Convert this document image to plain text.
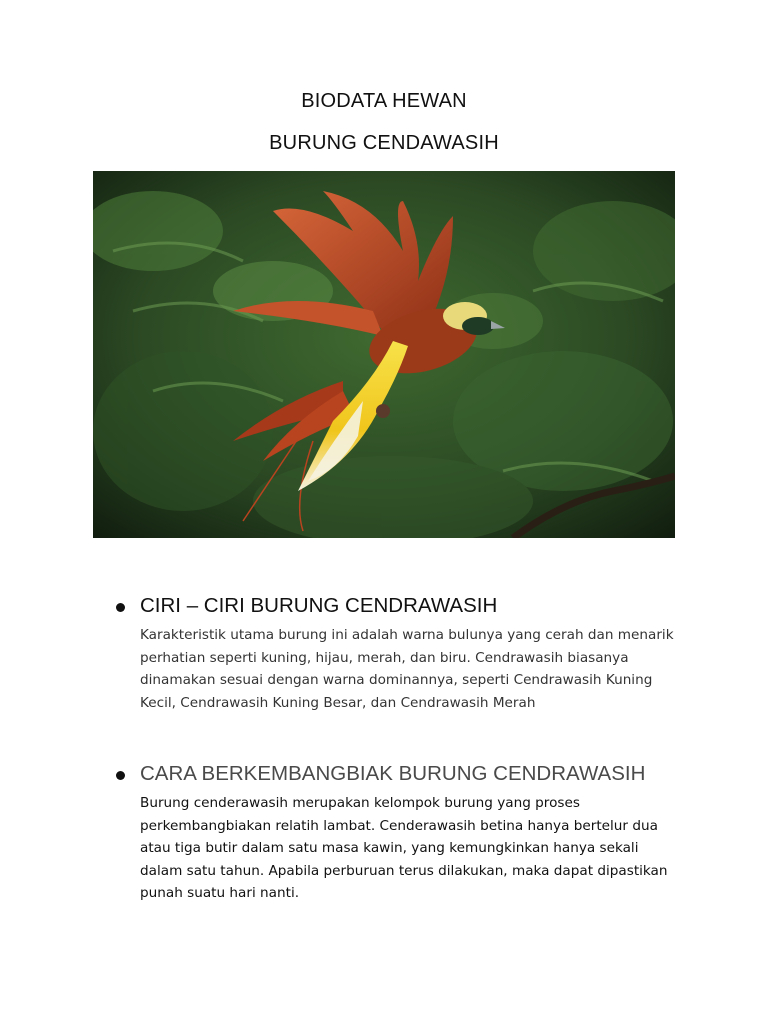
BIODATA HEWAN
BURUNG CENDAWASIH
CIRI – CIRI BURUNG CENDRAWASIH

Karakteristik utama burung ini adalah warna bulunya yang cerah dan menarik perhatian seperti kuning, hijau, merah, dan biru. Cendrawasih biasanya dinamakan sesuai dengan warna dominannya, seperti Cendrawasih Kuning Kecil, Cendrawasih Kuning Besar, dan Cendrawasih Merah

CARA BERKEMBANGBIAK BURUNG CENDRAWASIH

Burung cenderawasih merupakan kelompok burung yang proses perkembangbiakan relatih lambat. Cenderawasih betina hanya bertelur dua atau tiga butir dalam satu masa kawin, yang kemungkinkan hanya sekali dalam satu tahun. Apabila perburuan terus dilakukan, maka dapat dipastikan punah suatu hari nanti.
